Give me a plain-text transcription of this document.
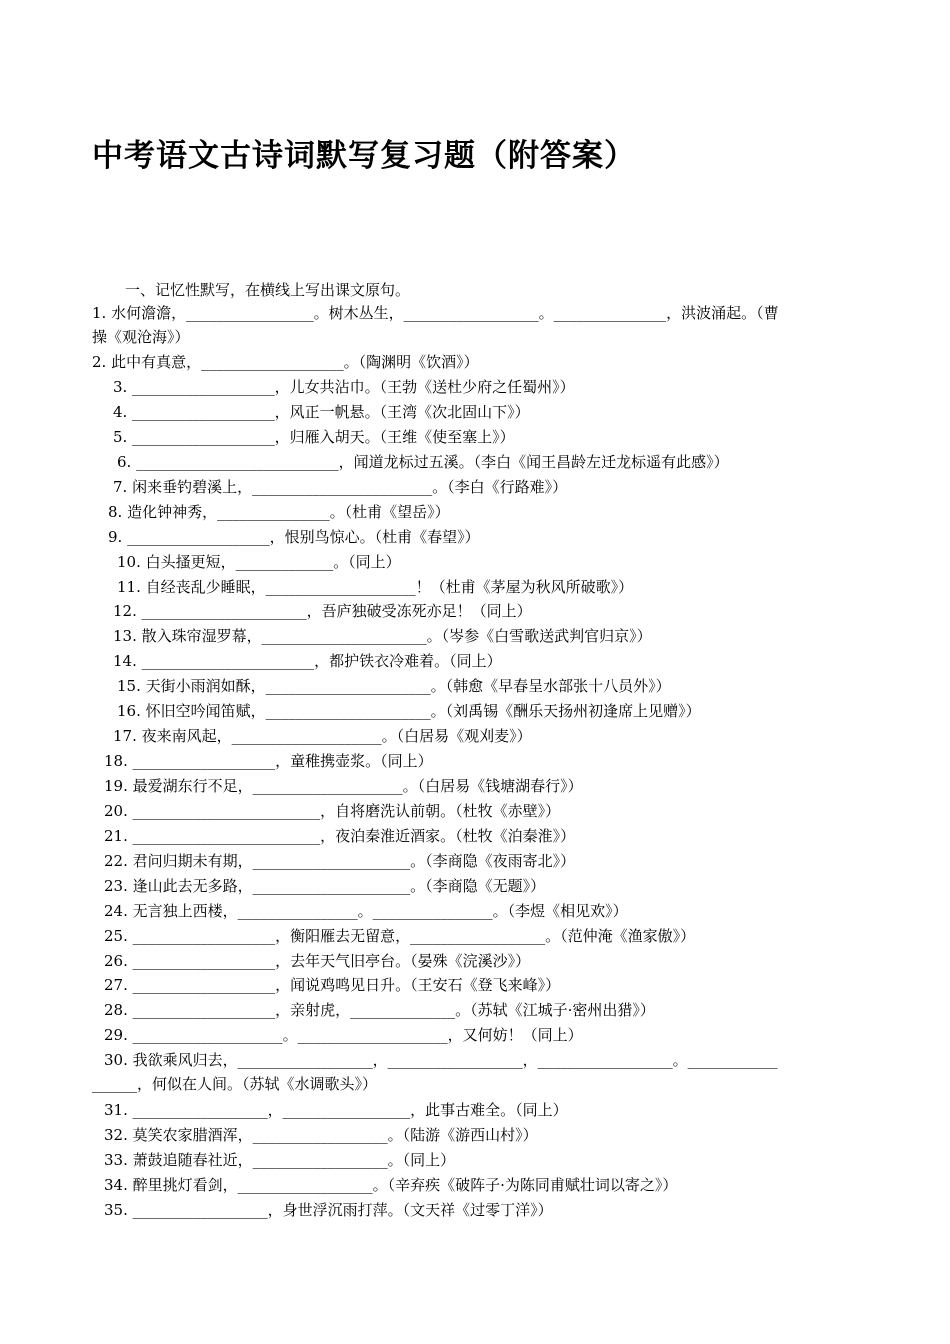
中考语文古诗词默写复习题（附答案）
一、记忆性默写，在横线上写出课文原句。
1. 水何澹澹，_________________。树木丛生，__________________。_______________，洪波涌起。（曹
操《观沧海》）
2. 此中有真意，___________________。（陶渊明《饮酒》）
3. ___________________，儿女共沾巾。（王勃《送杜少府之任蜀州》）
4. ___________________，风正一帆悬。（王湾《次北固山下》）
5. ___________________，归雁入胡天。（王维《使至塞上》）
6. ___________________________，闻道龙标过五溪。（李白《闻王昌龄左迁龙标遥有此感》）
7. 闲来垂钓碧溪上，________________________。（李白《行路难》）
8. 造化钟神秀，_______________。（杜甫《望岳》）
9. ___________________，恨别鸟惊心。（杜甫《春望》）
10. 白头搔更短，_____________。（同上）
11. 自经丧乱少睡眠，____________________！（杜甫《茅屋为秋风所破歌》）
12. ______________________，吾庐独破受冻死亦足！（同上）
13. 散入珠帘湿罗幕，______________________。（岑参《白雪歌送武判官归京》）
14. _______________________，都护铁衣冷难着。（同上）
15. 天街小雨润如酥，______________________。（韩愈《早春呈水部张十八员外》）
16. 怀旧空吟闻笛赋，______________________。（刘禹锡《酬乐天扬州初逢席上见赠》）
17. 夜来南风起，____________________。（白居易《观刈麦》）
18. ___________________，童稚携壶浆。（同上）
19. 最爱湖东行不足，____________________。（白居易《钱塘湖春行》）
20. _________________________，自将磨洗认前朝。（杜牧《赤壁》）
21. _________________________，夜泊秦淮近酒家。（杜牧《泊秦淮》）
22. 君问归期未有期，_____________________。（李商隐《夜雨寄北》）
23. 逢山此去无多路，_____________________。（李商隐《无题》）
24. 无言独上西楼，________________。________________。（李煜《相见欢》）
25. ___________________，衡阳雁去无留意，__________________。（范仲淹《渔家傲》）
26. ___________________，去年天气旧亭台。（晏殊《浣溪沙》）
27. ___________________，闻说鸡鸣见日升。（王安石《登飞来峰》）
28. ___________________，亲射虎，______________。（苏轼《江城子·密州出猎》）
29. ____________________。____________________，又何妨！（同上）
30. 我欲乘风归去，__________________，__________________，__________________。____________
______，何似在人间。（苏轼《水调歌头》）
31. __________________，_________________，此事古难全。（同上）
32. 莫笑农家腊酒浑，__________________。（陆游《游西山村》）
33. 萧鼓追随春社近，__________________。（同上）
34. 醉里挑灯看剑，__________________。（辛弃疾《破阵子·为陈同甫赋壮词以寄之》）
35. __________________，身世浮沉雨打萍。（文天祥《过零丁洋》）
